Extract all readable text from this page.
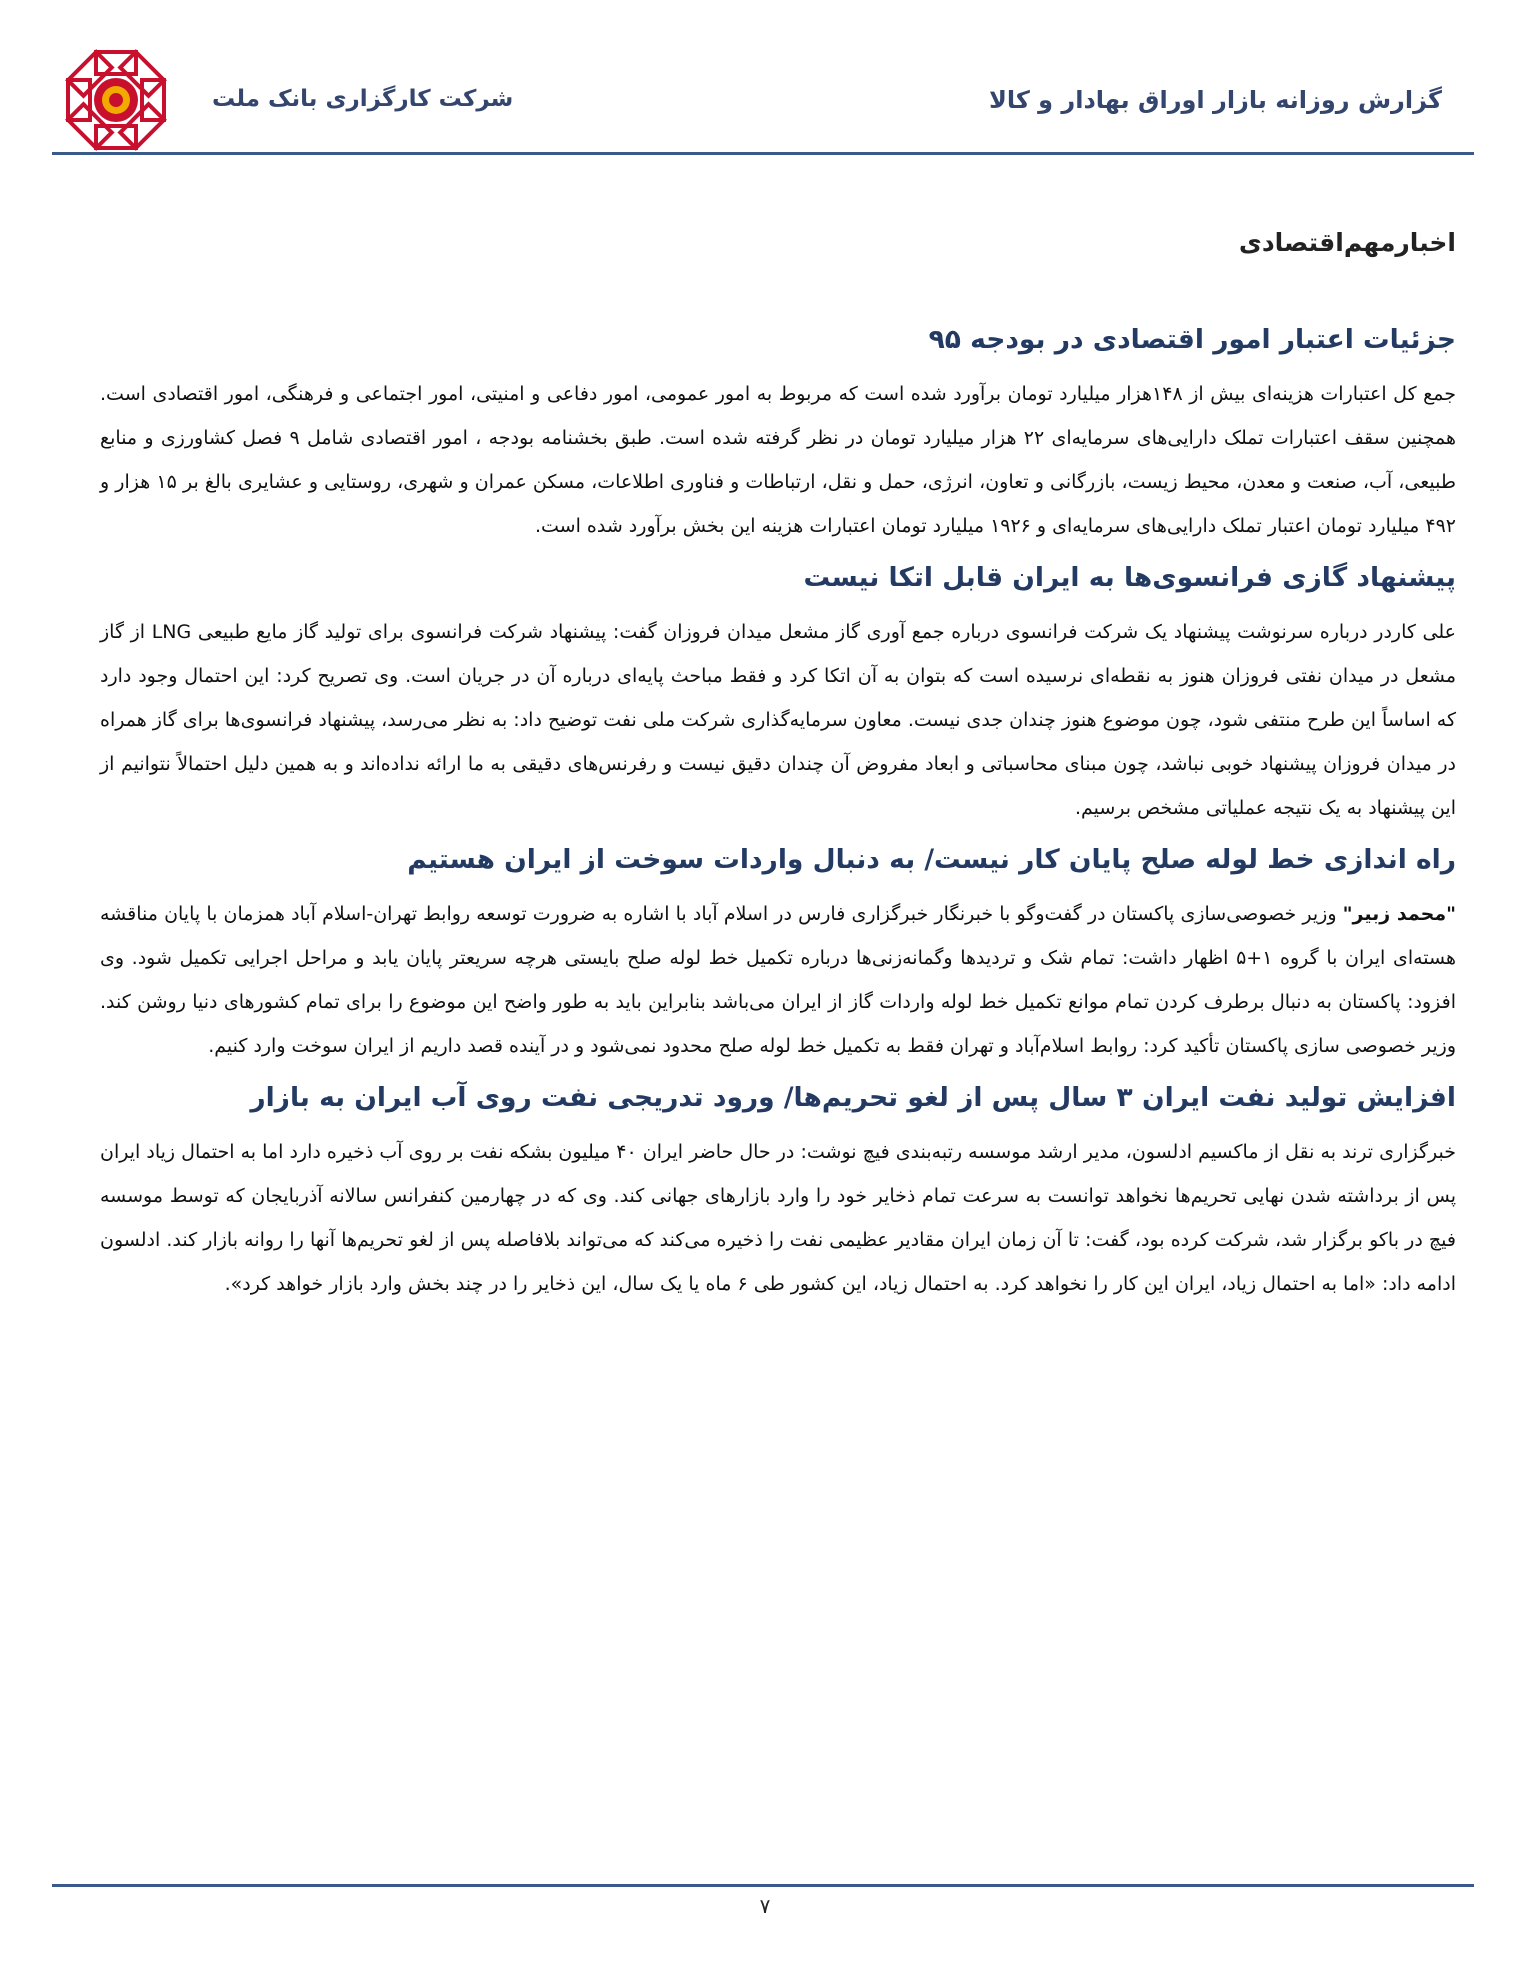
شرکت کارگزاری بانک ملت	گزارش روزانه بازار اوراق بهادار و کالا
اخبارمهم‌اقتصادی
جزئیات اعتبار امور اقتصادی در بودجه ۹۵

جمع کل اعتبارات هزینه‌ای بیش از ۱۴۸هزار میلیارد تومان برآورد شده است که مربوط به امور عمومی، امور دفاعی و امنیتی، امور اجتماعی و فرهنگی، امور اقتصادی است. همچنین سقف اعتبارات تملک دارایی‌های سرمایه‌ای ۲۲ هزار میلیارد تومان در نظر گرفته شده است. طبق بخشنامه بودجه ، امور اقتصادی شامل ۹ فصل کشاورزی و منابع طبیعی، آب، صنعت و معدن، محیط زیست، بازرگانی و تعاون، انرژی، حمل و نقل، ارتباطات و فناوری اطلاعات، مسکن عمران و شهری، روستایی و عشایری بالغ بر ۱۵ هزار و ۴۹۲ میلیارد تومان اعتبار تملک دارایی‌های سرمایه‌ای و ۱۹۲۶ میلیارد تومان اعتبارات هزینه این بخش برآورد شده است.

پیشنهاد گازی فرانسوی‌ها به ایران قابل اتکا نیست

علی کاردر درباره سرنوشت پیشنهاد یک شرکت فرانسوی درباره جمع آوری گاز مشعل میدان فروزان گفت: پیشنهاد شرکت فرانسوی برای تولید گاز مایع طبیعی LNG از گاز مشعل در میدان نفتی فروزان هنوز به نقطه‌ای نرسیده است که بتوان به آن اتکا کرد و فقط مباحث پایه‌ای درباره آن در جریان است. وی تصریح کرد: این احتمال وجود دارد که اساساً این طرح منتفی شود، چون موضوع هنوز چندان جدی نیست. معاون سرمایه‌گذاری شرکت ملی نفت توضیح داد: به نظر می‌رسد، پیشنهاد فرانسوی‌ها برای گاز همراه در میدان فروزان پیشنهاد خوبی نباشد، چون مبنای محاسباتی و ابعاد مفروض آن چندان دقیق نیست و رفرنس‌های دقیقی به ما ارائه نداده‌اند و به همین دلیل احتمالاً نتوانیم از این پیشنهاد به یک نتیجه عملیاتی مشخص برسیم.

راه اندازی خط لوله صلح پایان کار نیست/ به دنبال واردات سوخت از ایران هستیم

"محمد زبیر" وزیر خصوصی‌سازی پاکستان در گفت‌وگو با خبرنگار خبرگزاری فارس در اسلام آباد با اشاره به ضرورت توسعه روابط تهران-اسلام آباد همزمان با پایان مناقشه هسته‌ای ایران با گروه ۱+۵ اظهار داشت: تمام شک و تردیدها وگمانه‌زنی‌ها درباره تکمیل خط لوله صلح بایستی هرچه سریعتر پایان یابد و مراحل اجرایی تکمیل شود. وی افزود: پاکستان به دنبال برطرف کردن تمام موانع تکمیل خط لوله واردات گاز از ایران می‌باشد بنابراین باید به طور واضح این موضوع را برای تمام کشورهای دنیا روشن کند. وزیر خصوصی سازی پاکستان تأکید کرد: روابط اسلام‌آباد و تهران فقط به تکمیل خط لوله صلح محدود نمی‌شود و در آینده قصد داریم از ایران سوخت وارد کنیم.

افزایش تولید نفت ایران ۳ سال پس از لغو تحریم‌ها/ ورود تدریجی نفت روی آب ایران به بازار

خبرگزاری ترند به نقل از ماکسیم ادلسون، مدیر ارشد موسسه رتبه‌بندی فیچ نوشت: در حال حاضر ایران ۴۰ میلیون بشکه نفت بر روی آب ذخیره دارد اما به احتمال زیاد ایران پس از برداشته شدن نهایی تحریم‌ها نخواهد توانست به سرعت تمام ذخایر خود را وارد بازارهای جهانی کند. وی که در چهارمین کنفرانس سالانه آذربایجان که توسط موسسه فیچ در باکو برگزار شد، شرکت کرده بود، گفت: تا آن زمان ایران مقادیر عظیمی نفت را ذخیره می‌کند که می‌تواند بلافاصله پس از لغو تحریم‌ها آنها را روانه بازار کند. ادلسون ادامه داد: «اما به احتمال زیاد، ایران این کار را نخواهد کرد. به احتمال زیاد، این کشور طی ۶ ماه یا یک سال، این ذخایر را در چند بخش وارد بازار خواهد کرد».

۷
